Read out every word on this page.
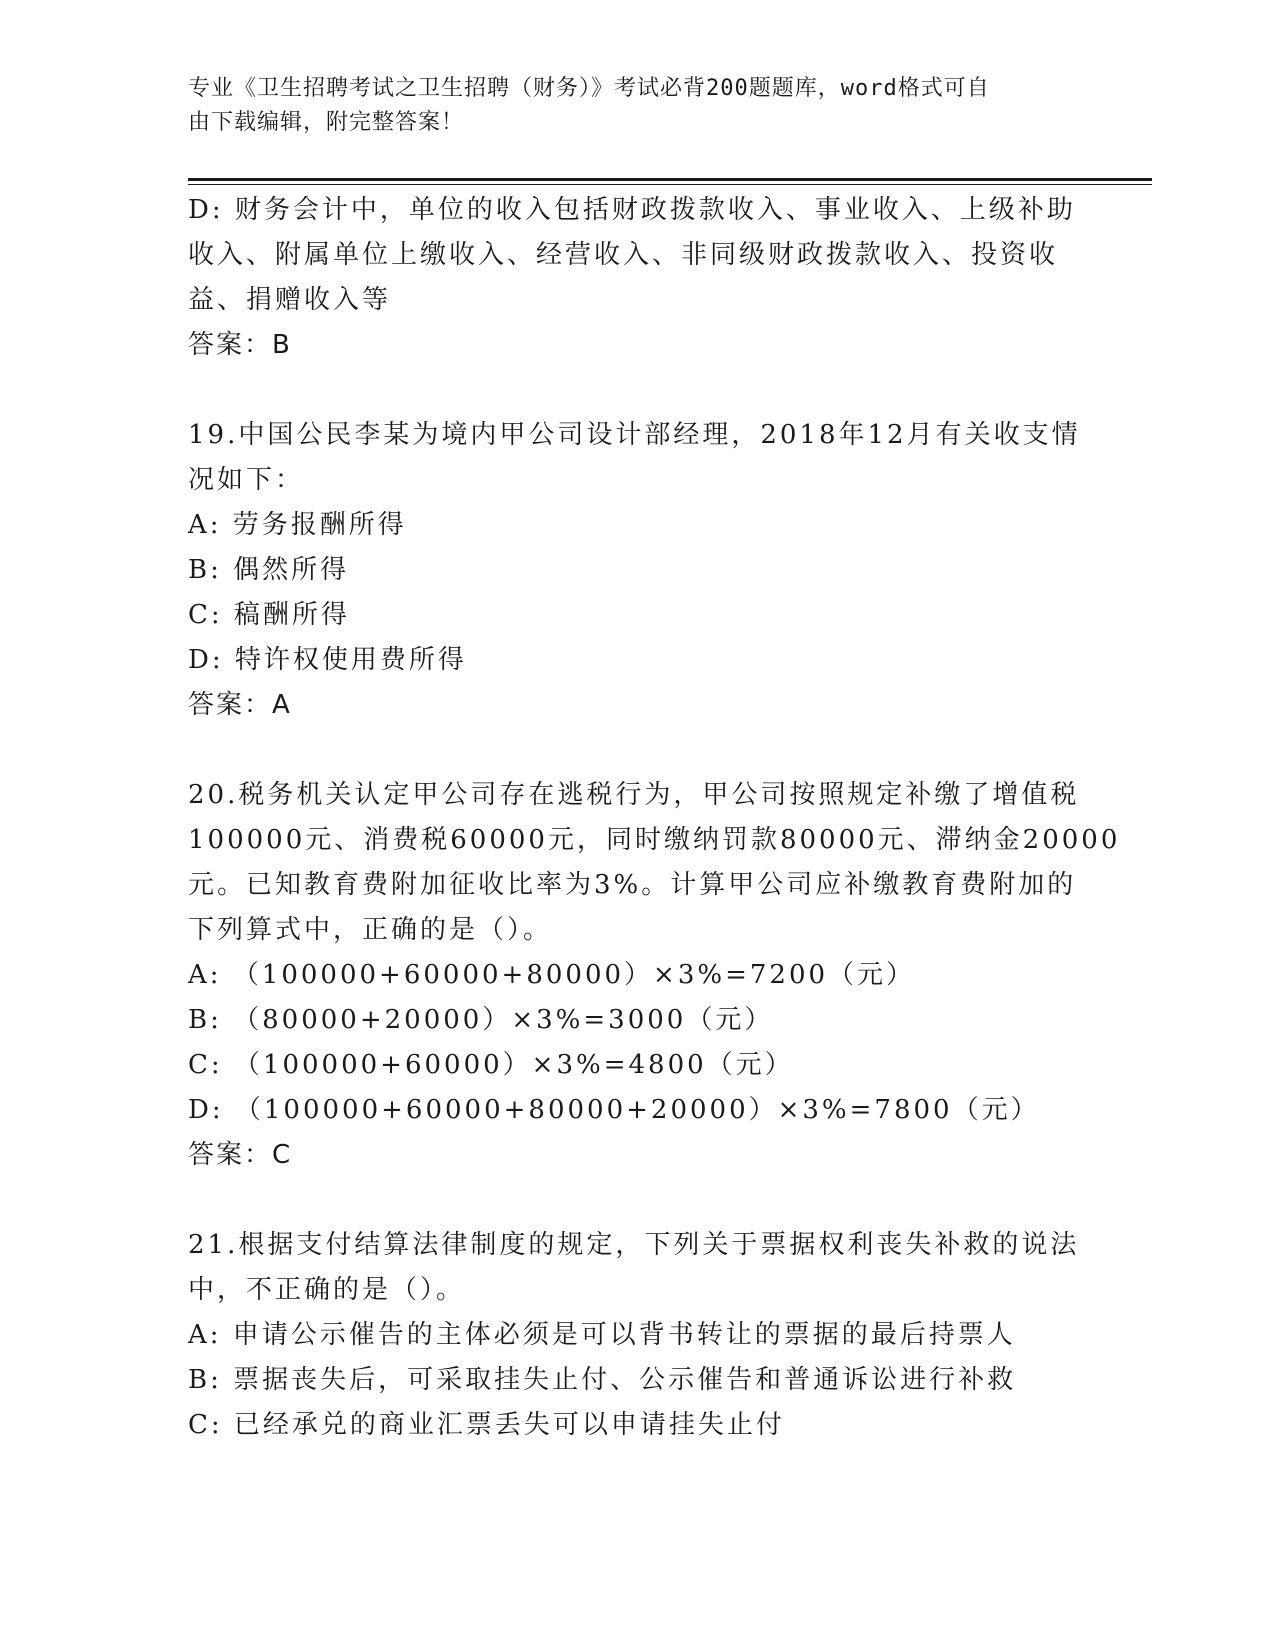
专业《卫生招聘考试之卫生招聘（财务）》考试必背200题题库，word格式可自
由下载编辑，附完整答案！
D: 财务会计中，单位的收入包括财政拨款收入、事业收入、上级补助
收入、附属单位上缴收入、经营收入、非同级财政拨款收入、投资收
益、捐赠收入等
答案：B
19.中国公民李某为境内甲公司设计部经理，2018年12月有关收支情
况如下：
A: 劳务报酬所得
B: 偶然所得
C: 稿酬所得
D: 特许权使用费所得
答案：A
20.税务机关认定甲公司存在逃税行为，甲公司按照规定补缴了增值税
100000元、消费税60000元，同时缴纳罚款80000元、滞纳金20000
元。已知教育费附加征收比率为3%。计算甲公司应补缴教育费附加的
下列算式中，正确的是（）。
A: （100000+60000+80000）×3%=7200（元）
B: （80000+20000）×3%=3000（元）
C: （100000+60000）×3%=4800（元）
D: （100000+60000+80000+20000）×3%=7800（元）
答案：C
21.根据支付结算法律制度的规定，下列关于票据权利丧失补救的说法
中，不正确的是（）。
A: 申请公示催告的主体必须是可以背书转让的票据的最后持票人
B: 票据丧失后，可采取挂失止付、公示催告和普通诉讼进行补救
C: 已经承兑的商业汇票丢失可以申请挂失止付
